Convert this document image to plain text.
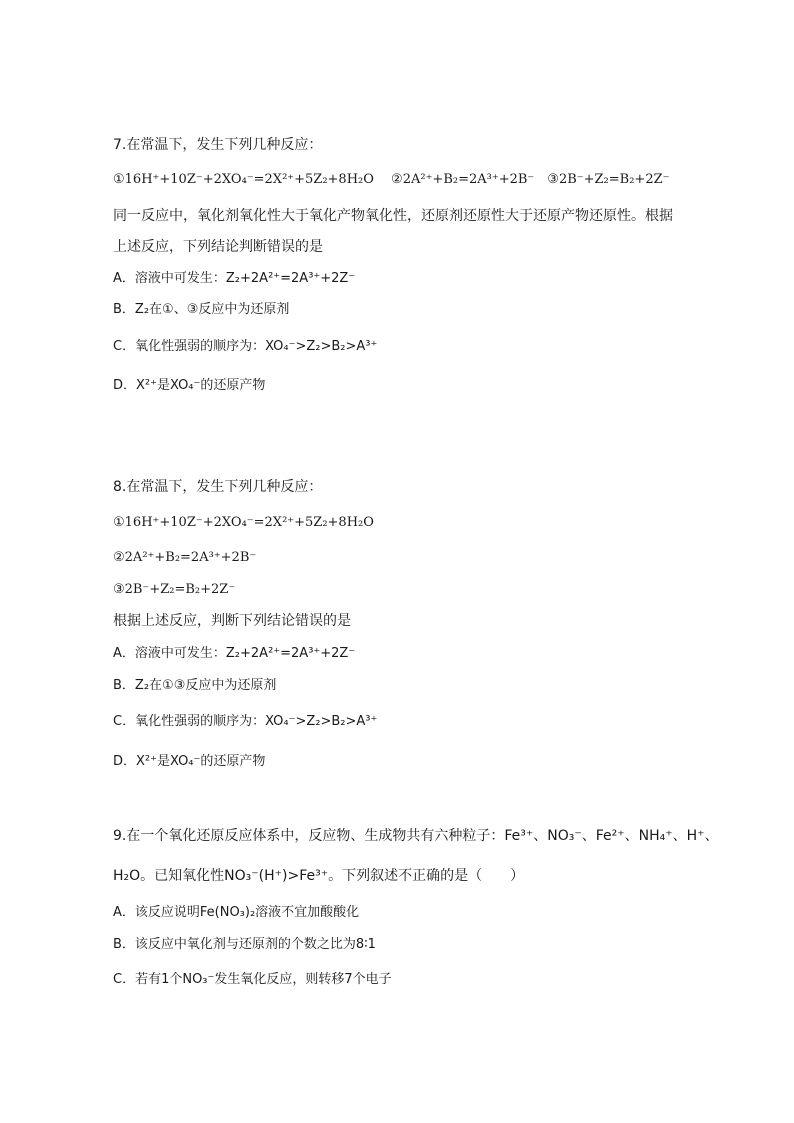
7.在常温下，发生下列几种反应：
①16H⁺+10Z⁻+2XO₄⁻=2X²⁺+5Z₂+8H₂O　 ②2A²⁺+B₂=2A³⁺+2B⁻　③2B⁻+Z₂=B₂+2Z⁻
同一反应中，氧化剂氧化性大于氧化产物氧化性，还原剂还原性大于还原产物还原性。根据
上述反应，下列结论判断错误的是
A．溶液中可发生：Z₂+2A²⁺=2A³⁺+2Z⁻
B．Z₂在①、③反应中为还原剂
C．氧化性强弱的顺序为：XO₄⁻>Z₂>B₂>A³⁺
D．X²⁺是XO₄⁻的还原产物
8.在常温下，发生下列几种反应：
①16H⁺+10Z⁻+2XO₄⁻=2X²⁺+5Z₂+8H₂O
②2A²⁺+B₂=2A³⁺+2B⁻
③2B⁻+Z₂=B₂+2Z⁻
根据上述反应，判断下列结论错误的是
A．溶液中可发生：Z₂+2A²⁺=2A³⁺+2Z⁻
B．Z₂在①③反应中为还原剂
C．氧化性强弱的顺序为：XO₄⁻>Z₂>B₂>A³⁺
D．X²⁺是XO₄⁻的还原产物
9.在一个氧化还原反应体系中，反应物、生成物共有六种粒子：Fe³⁺、NO₃⁻、Fe²⁺、NH₄⁺、H⁺、
H₂O。已知氧化性NO₃⁻(H⁺)>Fe³⁺。下列叙述不正确的是（　　）
A．该反应说明Fe(NO₃)₂溶液不宜加酸酸化
B．该反应中氧化剂与还原剂的个数之比为8∶1
C．若有1个NO₃⁻发生氧化反应，则转移7个电子
